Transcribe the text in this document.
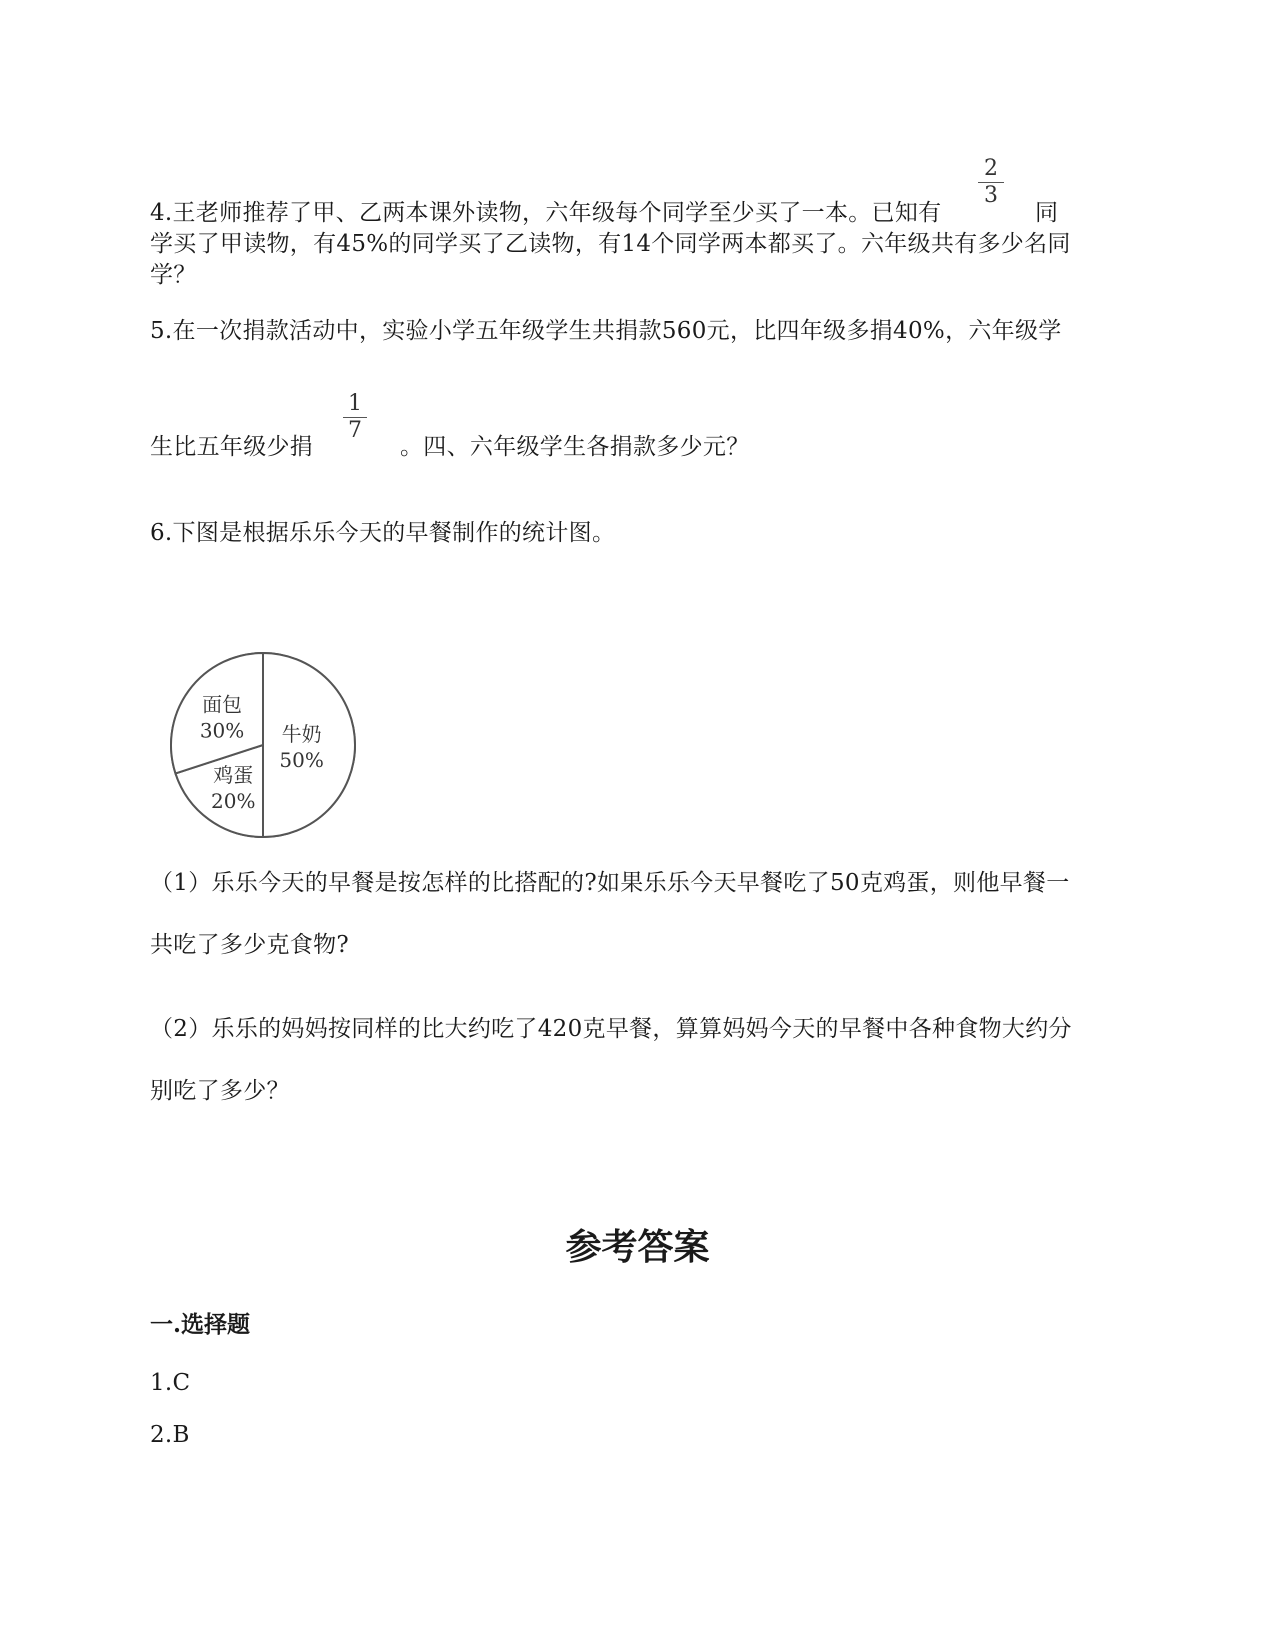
2
3
4.王老师推荐了甲、乙两本课外读物，六年级每个同学至少买了一本。已知有	同
学买了甲读物，有45%的同学买了乙读物，有14个同学两本都买了。六年级共有多少名同
学？
5.在一次捐款活动中，实验小学五年级学生共捐款560元，比四年级多捐40%，六年级学
1
7
生比五年级少捐	。四、六年级学生各捐款多少元？
6.下图是根据乐乐今天的早餐制作的统计图。
牛奶
50%
鸡蛋
20%
面包
30%
（1）乐乐今天的早餐是按怎样的比搭配的?如果乐乐今天早餐吃了50克鸡蛋，则他早餐一
共吃了多少克食物?
（2）乐乐的妈妈按同样的比大约吃了420克早餐，算算妈妈今天的早餐中各种食物大约分
别吃了多少？
参考答案
一.选择题
1.C
2.B
